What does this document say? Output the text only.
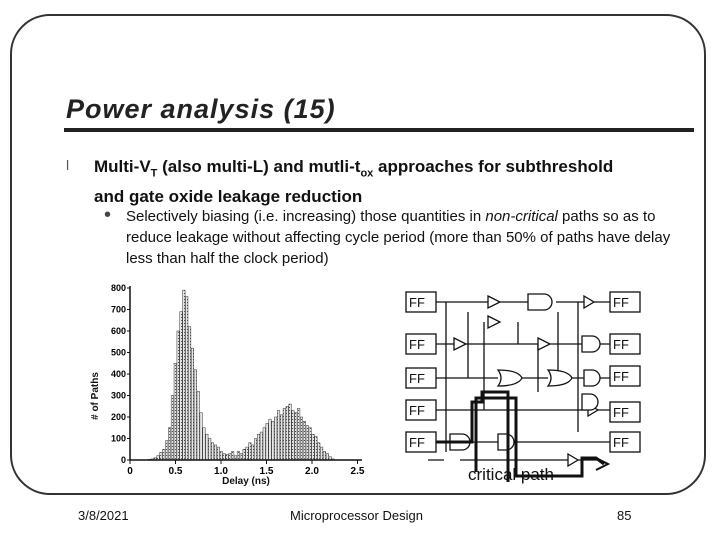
Power analysis (15)
l Multi-$V_T$ (also multi-L) and mutli-$t_{ox}$ approaches for subthreshold and gate oxide leakage reduction
• Selectively biasing (i.e. increasing) those quantities in non-critical paths so as to reduce leakage without affecting cycle period (more than 50% of paths have delay less than half the clock period)
# of Paths
0
100
200
300
400
500
600
700
800
0	0.5	1.0	1.5	2.0	2.5
Delay (ns)
FF
FF
FF
FF
FF
FF
FF
FF
FF
FF
critical path
3/8/2021	Microprocessor Design	85
